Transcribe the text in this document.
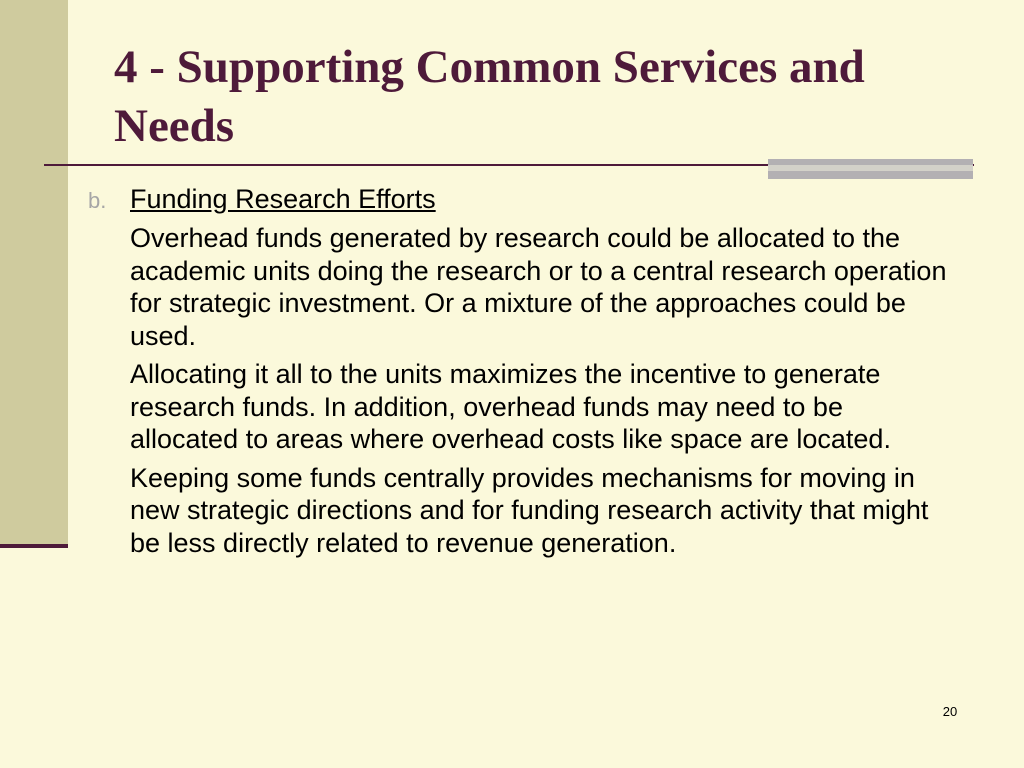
4 - Supporting Common Services and Needs
b. Funding Research Efforts

Overhead funds generated by research could be allocated to the academic units doing the research or to a central research operation for strategic investment. Or a mixture of the approaches could be used.

Allocating it all to the units maximizes the incentive to generate research funds. In addition, overhead funds may need to be allocated to areas where overhead costs like space are located.

Keeping some funds centrally provides mechanisms for moving in new strategic directions and for funding research activity that might be less directly related to revenue generation.

20
